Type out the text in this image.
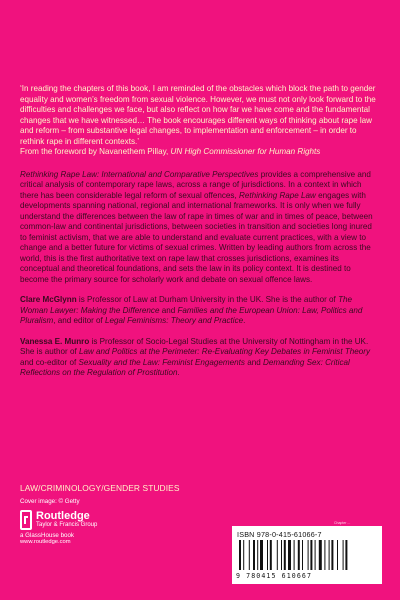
‘In reading the chapters of this book, I am reminded of the obstacles which block the path to gender equality and women’s freedom from sexual violence. However, we must not only look forward to the difficulties and challenges we face, but also reflect on how far we have come and the fundamental changes that we have witnessed… The book encourages different ways of thinking about rape law and reform – from substantive legal changes, to implementation and enforcement – in order to rethink rape in different contexts.’
From the foreword by Navanethem Pillay, UN High Commissioner for Human Rights

Rethinking Rape Law: International and Comparative Perspectives provides a comprehensive and critical analysis of contemporary rape laws, across a range of jurisdictions. In a context in which there has been considerable legal reform of sexual offences, Rethinking Rape Law engages with developments spanning national, regional and international frameworks. It is only when we fully understand the differences between the law of rape in times of war and in times of peace, between common-law and continental jurisdictions, between societies in transition and societies long inured to feminist activism, that we are able to understand and evaluate current practices, with a view to change and a better future for victims of sexual crimes. Written by leading authors from across the world, this is the first authoritative text on rape law that crosses jurisdictions, examines its conceptual and theoretical foundations, and sets the law in its policy context. It is destined to become the primary source for scholarly work and debate on sexual offence laws.

Clare McGlynn is Professor of Law at Durham University in the UK. She is the author of The Woman Lawyer: Making the Difference and Families and the European Union: Law, Politics and Pluralism, and editor of Legal Feminisms: Theory and Practice.

Vanessa E. Munro is Professor of Socio-Legal Studies at the University of Nottingham in the UK. She is author of Law and Politics at the Perimeter: Re-Evaluating Key Debates in Feminist Theory and co-editor of Sexuality and the Law: Feminist Engagements and Demanding Sex: Critical Reflections on the Regulation of Prostitution.

LAW/CRIMINOLOGY/GENDER STUDIES
Cover image: © Getty
Routledge
Taylor & Francis Group
a GlassHouse book
www.routledge.com
Chapter ...
ISBN 978-0-415-61066-7
9 780415 610667
